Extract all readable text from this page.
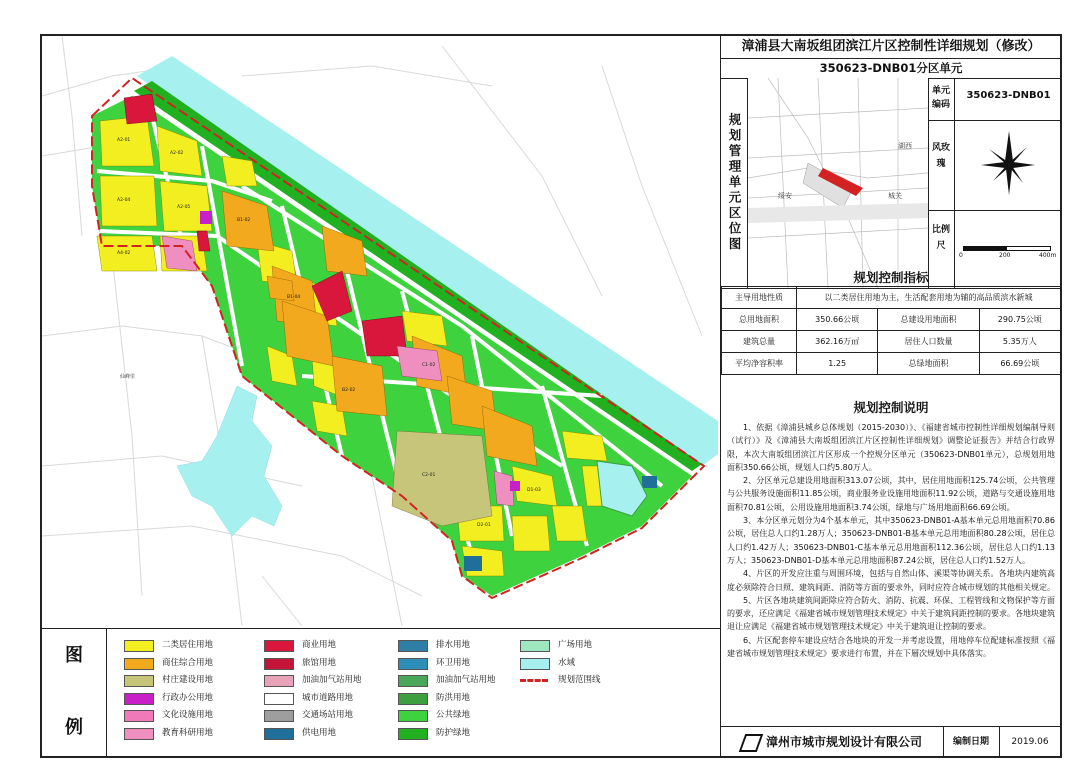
A2-01
A2-02
A2-04
A2-05
A4-02
B1-02
B1-04
B2-02
C1-02
C2-01
D1-03
D2-01
仙峰里
漳浦县大南坂组团滨江片区控制性详细规划（修改）
350623-DNB01分区单元
规划管理单元区位图	湖西
城关
绥安
单元编码
350623-DNB01
风玫瑰
比例尺
0	200	400m
规划控制指标
主导用地性质	以二类居住用地为主，生活配套用地为辅的高品质滨水新城		
总用地面积	350.66公顷	总建设用地面积	290.75公顷
建筑总量	362.16万㎡	居住人口数量	5.35万人
平均净容积率	1.25	总绿地面积	66.69公顷
规划控制说明

1、依据《漳浦县城乡总体规划（2015-2030）》、《福建省城市控制性详细规划编制导则（试行）》及《漳浦县大南坂组团滨江片区控制性详细规划》调整论证报告》并结合行政界限，本次大南坂组团滨江片区形成一个控规分区单元（350623-DNB01单元），总规划用地面积350.66公顷，规划人口约5.80万人。

2、分区单元总建设用地面积313.07公顷，其中，居住用地面积125.74公顷，公共管理与公共服务设施面积11.85公顷，商业服务业设施用地面积11.92公顷，道路与交通设施用地面积70.81公顷，公用设施用地面积3.74公顷，绿地与广场用地面积66.69公顷。

3、本分区单元划分为4个基本单元，其中350623-DNB01-A基本单元总用地面积70.86公顷，居住总人口约1.28万人；350623-DNB01-B基本单元总用地面积80.28公顷，居住总人口约1.42万人；350623-DNB01-C基本单元总用地面积112.36公顷，居住总人口约1.13万人；350623-DNB01-D基本单元总用地面积87.24公顷，居住总人口约1.52万人。

4、片区的开发应注重与周围环境，包括与自然山体、溪渠等协调关系。各地块内建筑高度必须除符合日照、建筑间距、消防等方面的要求外，同时应符合城市规划的其他相关规定。

5、片区各地块建筑间距除应符合防火、消防、抗震、环保、工程管线和文物保护等方面的要求，还应满足《福建省城市规划管理技术规定》中关于建筑间距控制的要求。各地块建筑退让应满足《福建省城市规划管理技术规定》中关于建筑退让控制的要求。

6、片区配套停车建设应结合各地块的开发一并考虑设置，用地停车位配建标准按照《福建省城市规划管理技术规定》要求进行布置，并在下層次规划中具体落实。

漳州市城市规划设计有限公司	编制日期	2019.06
图
例
二类居住用地
商住综合用地
村庄建设用地
行政办公用地
文化设施用地
教育科研用地
商业用地
旅馆用地
加油加气站用地
城市道路用地
交通场站用地
供电用地
排水用地
环卫用地
加油加气站用地
防洪用地
公共绿地
防护绿地
广场用地
水域
规划范围线
